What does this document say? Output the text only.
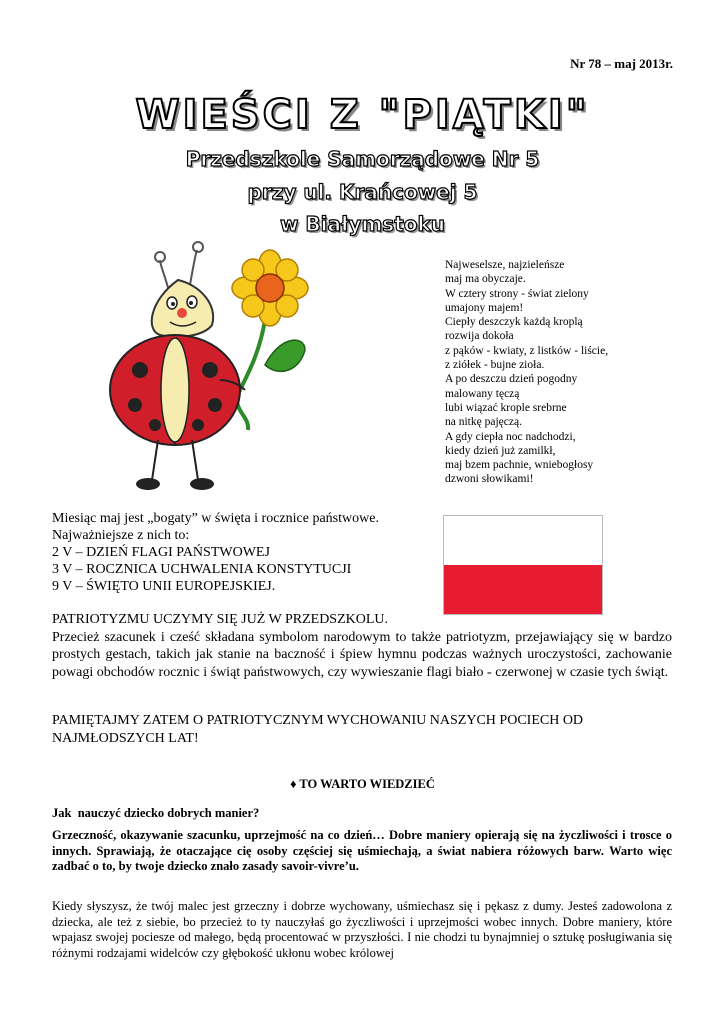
Nr 78 – maj 2013r.
WIEŚCI Z "PIĄTKI"
Przedszkole Samorządowe Nr 5
przy ul. Krańcowej 5
w Białymstoku
Najweselsze, najzieleńsze
maj ma obyczaje.
W cztery strony - świat zielony
umajony majem!
Ciepły deszczyk każdą kroplą
rozwija dokoła
z pąków - kwiaty, z listków - liście,
z ziółek - bujne zioła.
A po deszczu dzień pogodny
malowany tęczą
lubi wiązać krople srebrne
na nitkę pajęczą.
A gdy ciepła noc nadchodzi,
kiedy dzień już zamilkł,
maj bzem pachnie, wniebogłosy
dzwoni słowikami!
Miesiąc maj jest „bogaty” w święta i rocznice państwowe.
Najważniejsze z nich to:
2 V – DZIEŃ FLAGI PAŃSTWOWEJ
3 V – ROCZNICA UCHWALENIA KONSTYTUCJI
9 V – ŚWIĘTO UNII EUROPEJSKIEJ.
PATRIOTYZMU UCZYMY SIĘ JUŻ W PRZEDSZKOLU.
Przecież szacunek i cześć składana symbolom narodowym to także patriotyzm, przejawiający się w bardzo prostych gestach, takich jak stanie na baczność i śpiew hymnu podczas ważnych uroczystości, zachowanie powagi obchodów rocznic i świąt państwowych, czy wywieszanie flagi biało - czerwonej w czasie tych świąt.
PAMIĘTAJMY ZATEM O PATRIOTYCZNYM WYCHOWANIU NASZYCH POCIECH OD NAJMŁODSZYCH LAT!
♦ TO WARTO WIEDZIEĆ
Jak  nauczyć dziecko dobrych manier?
Grzeczność, okazywanie szacunku, uprzejmość na co dzień… Dobre maniery opierają się na życzliwości i trosce o innych. Sprawiają, że otaczające cię osoby częściej się uśmiechają, a świat nabiera różowych barw. Warto więc zadbać o to, by twoje dziecko znało zasady savoir-vivre’u.
Kiedy słyszysz, że twój malec jest grzeczny i dobrze wychowany, uśmiechasz się i pękasz z dumy. Jesteś zadowolona z dziecka, ale też z siebie, bo przecież to ty nauczyłaś go życzliwości i uprzejmości wobec innych. Dobre maniery, które wpajasz swojej pociesze od małego, będą procentować w przyszłości. I nie chodzi tu bynajmniej o sztukę posługiwania się różnymi rodzajami widelców czy głębokość ukłonu wobec królowej
